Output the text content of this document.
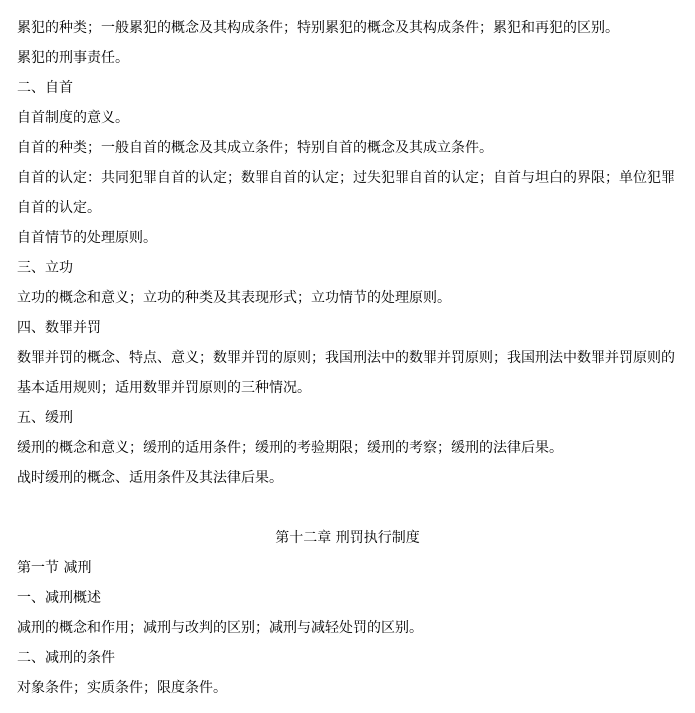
累犯的种类；一般累犯的概念及其构成条件；特别累犯的概念及其构成条件；累犯和再犯的区别。
累犯的刑事责任。
二、自首
自首制度的意义。
自首的种类；一般自首的概念及其成立条件；特别自首的概念及其成立条件。
自首的认定：共同犯罪自首的认定；数罪自首的认定；过失犯罪自首的认定；自首与坦白的界限；单位犯罪
自首的认定。
自首情节的处理原则。
三、立功
立功的概念和意义；立功的种类及其表现形式；立功情节的处理原则。
四、数罪并罚
数罪并罚的概念、特点、意义；数罪并罚的原则；我国刑法中的数罪并罚原则；我国刑法中数罪并罚原则的
基本适用规则；适用数罪并罚原则的三种情况。
五、缓刑
缓刑的概念和意义；缓刑的适用条件；缓刑的考验期限；缓刑的考察；缓刑的法律后果。
战时缓刑的概念、适用条件及其法律后果。
第十二章 刑罚执行制度
第一节 减刑
一、减刑概述
减刑的概念和作用；减刑与改判的区别；减刑与减轻处罚的区别。
二、减刑的条件
对象条件；实质条件；限度条件。
